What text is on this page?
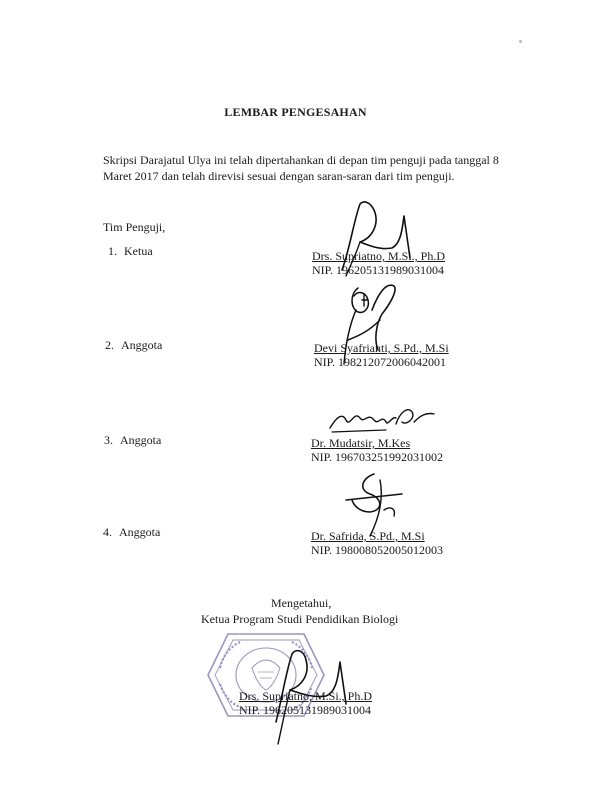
LEMBAR PENGESAHAN
Skripsi Darajatul Ulya ini telah dipertahankan di depan tim penguji pada tanggal 8 Maret 2017 dan telah direvisi sesuai dengan saran-saran dari tim penguji.
Tim Penguji,
1. Ketua	Drs. Supriatno, M.Si., Ph.D
NIP. 196205131989031004
2. Anggota	Devi Syafrianti, S.Pd., M.Si
NIP. 198212072006042001
3. Anggota	Dr. Mudatsir, M.Kes
NIP. 196703251992031002
4. Anggota	Dr. Safrida, S.Pd., M.Si
NIP. 198008052005012003
Mengetahui,
Ketua Program Studi Pendidikan Biologi
Drs. Supriatno, M.Si., Ph.D
NIP. 196205131989031004
